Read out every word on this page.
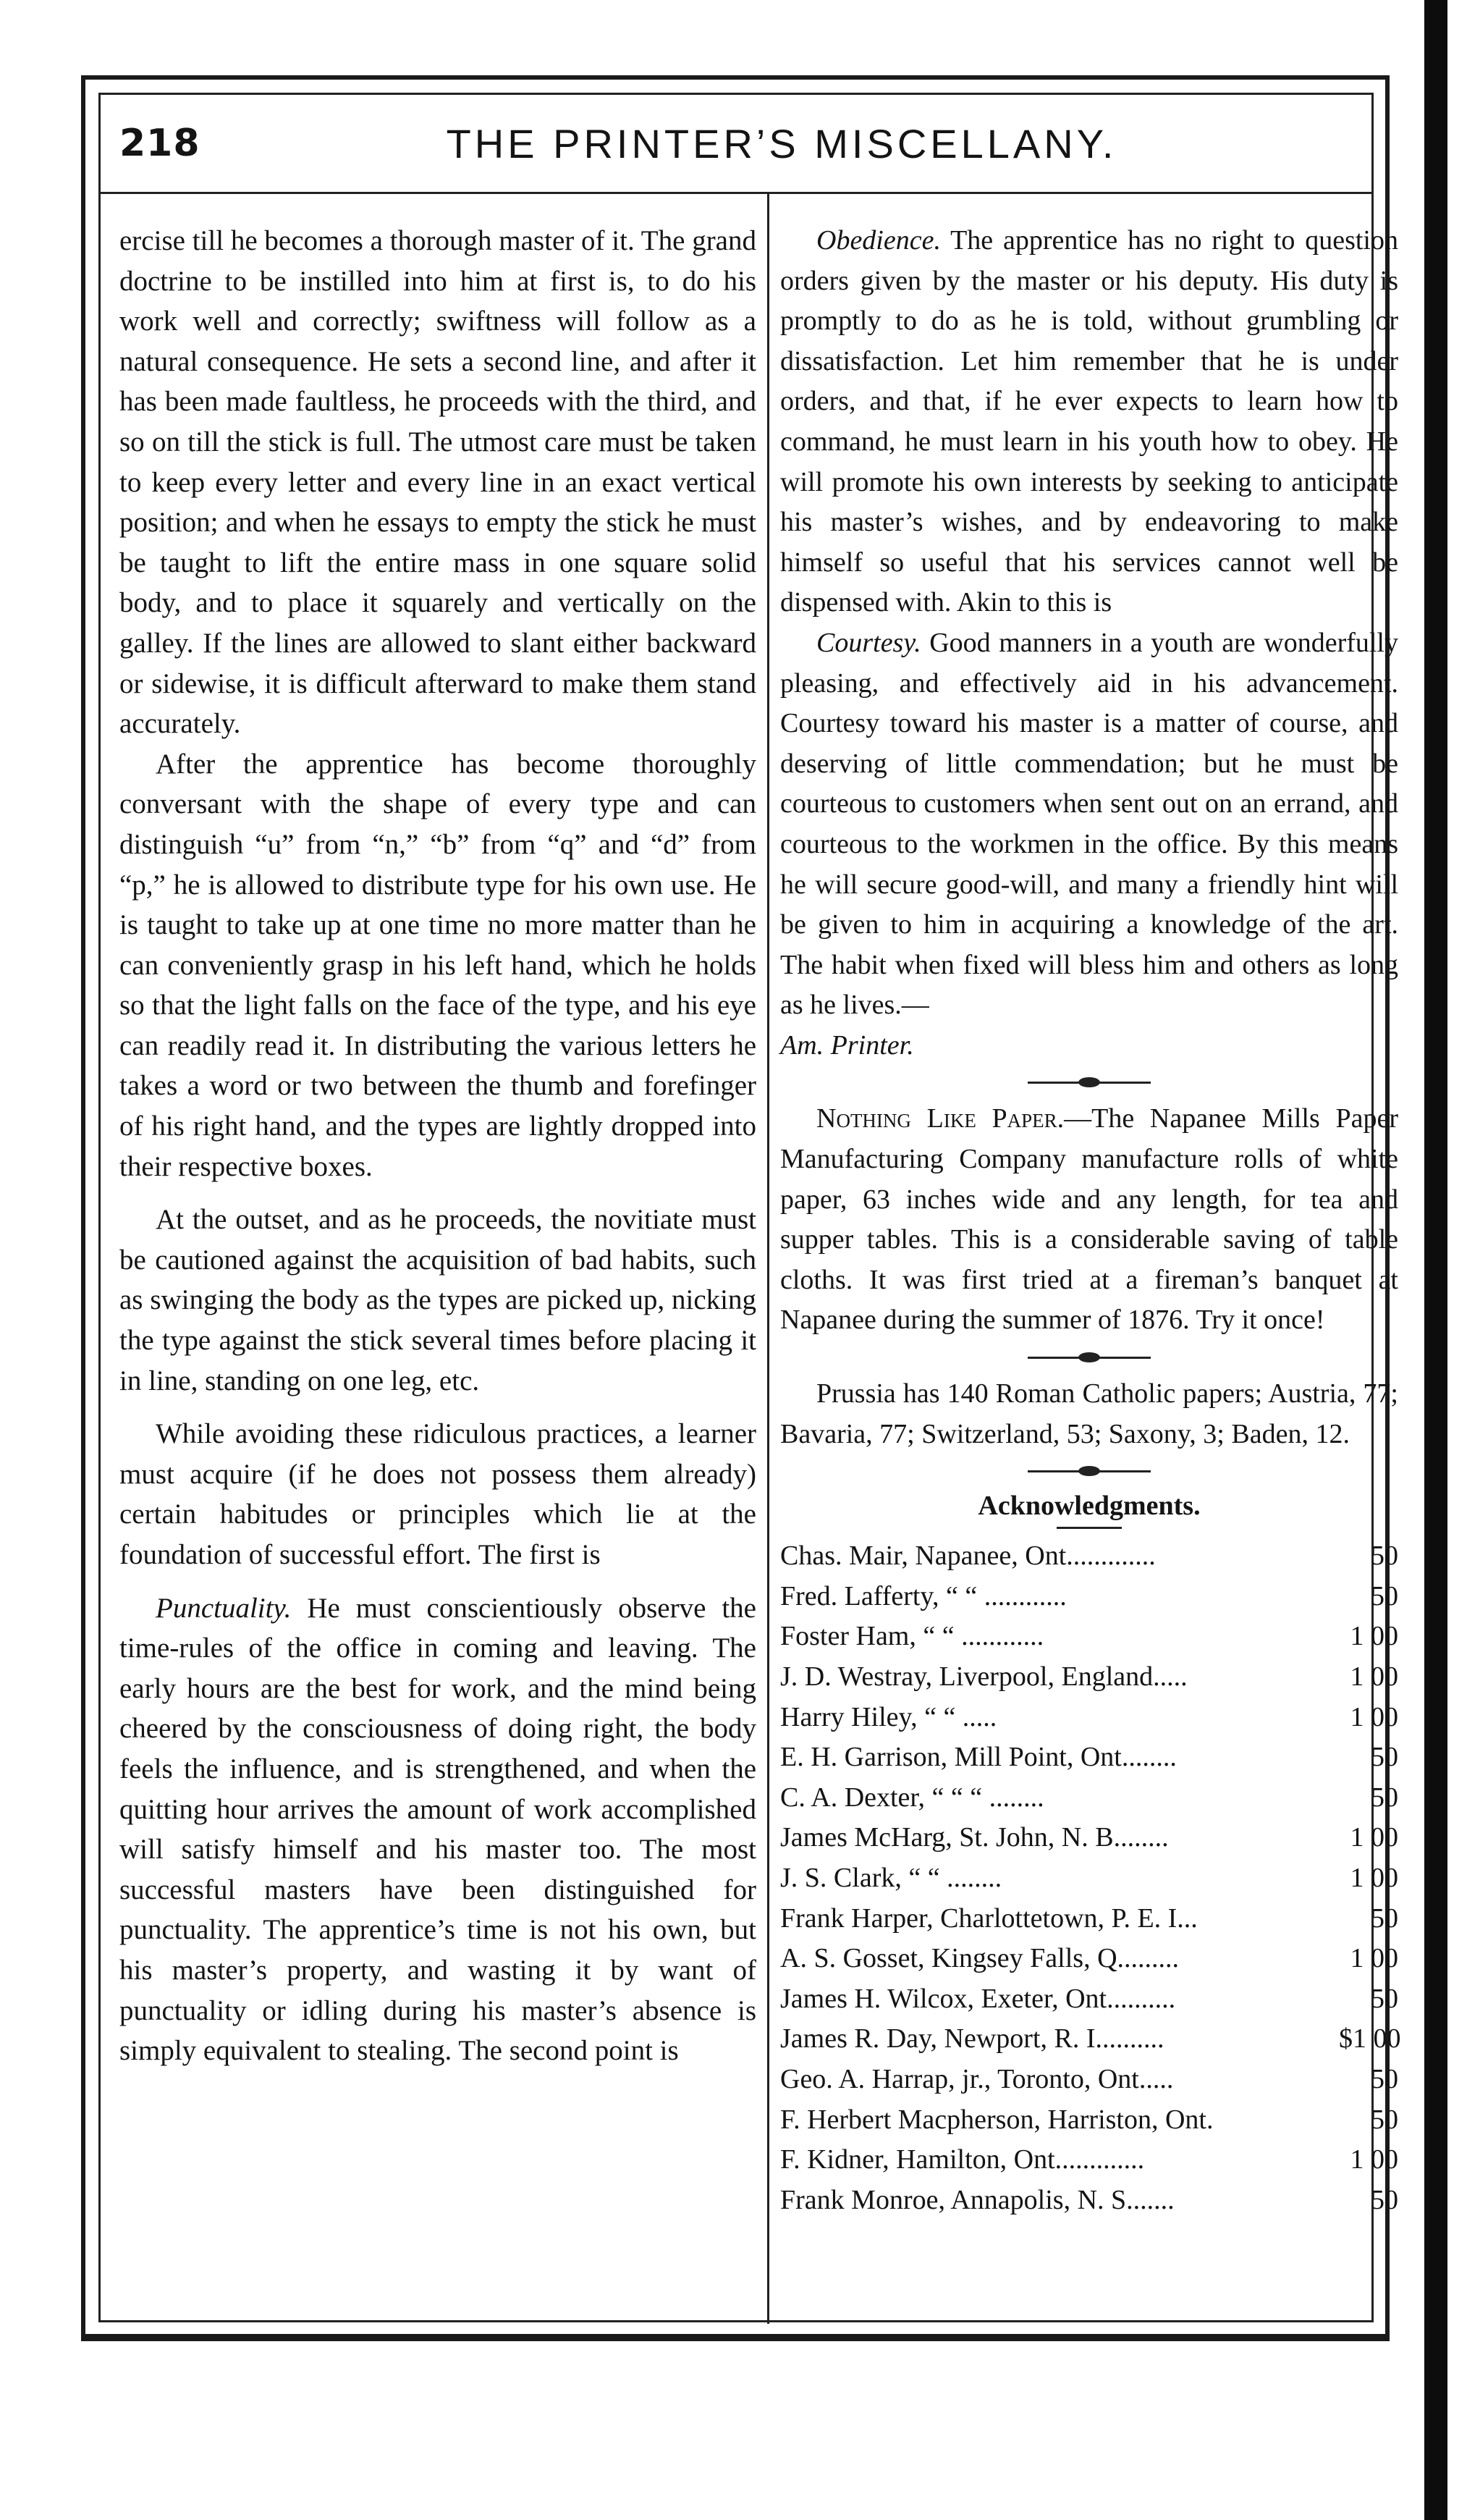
218	THE PRINTER’S MISCELLANY.

ercise till he becomes a thorough master of it. The grand doctrine to be instilled into him at first is, to do his work well and correctly; swiftness will follow as a natural consequence. He sets a second line, and after it has been made faultless, he proceeds with the third, and so on till the stick is full. The utmost care must be taken to keep every letter and every line in an exact vertical position; and when he essays to empty the stick he must be taught to lift the entire mass in one square solid body, and to place it squarely and vertically on the galley. If the lines are allowed to slant either backward or sidewise, it is difficult afterward to make them stand accurately.

After the apprentice has become thoroughly conversant with the shape of every type and can distinguish “u” from “n,” “b” from “q” and “d” from “p,” he is allowed to distribute type for his own use. He is taught to take up at one time no more matter than he can conveniently grasp in his left hand, which he holds so that the light falls on the face of the type, and his eye can readily read it. In distributing the various letters he takes a word or two between the thumb and forefinger of his right hand, and the types are lightly dropped into their respective boxes.

At the outset, and as he proceeds, the novitiate must be cautioned against the acquisition of bad habits, such as swinging the body as the types are picked up, nicking the type against the stick several times before placing it in line, standing on one leg, etc.

While avoiding these ridiculous practices, a learner must acquire (if he does not possess them already) certain habitudes or principles which lie at the foundation of successful effort. The first is

Punctuality. He must conscientiously observe the time-rules of the office in coming and leaving. The early hours are the best for work, and the mind being cheered by the consciousness of doing right, the body feels the influence, and is strengthened, and when the quitting hour arrives the amount of work accomplished will satisfy himself and his master too. The most successful masters have been distinguished for punctuality. The apprentice’s time is not his own, but his master’s property, and wasting it by want of punctuality or idling during his master’s absence is simply equivalent to stealing. The second point is

Obedience. The apprentice has no right to question orders given by the master or his deputy. His duty is promptly to do as he is told, without grumbling or dissatisfaction. Let him remember that he is under orders, and that, if he ever expects to learn how to command, he must learn in his youth how to obey. He will promote his own interests by seeking to anticipate his master’s wishes, and by endeavoring to make himself so useful that his services cannot well be dispensed with. Akin to this is

Courtesy. Good manners in a youth are wonderfully pleasing, and effectively aid in his advancement. Courtesy toward his master is a matter of course, and deserving of little commendation; but he must be courteous to customers when sent out on an errand, and courteous to the workmen in the office. By this means he will secure good-will, and many a friendly hint will be given to him in acquiring a knowledge of the art. The habit when fixed will bless him and others as long as he lives.—
Am. Printer.

Nothing Like Paper.—The Napanee Mills Paper Manufacturing Company manufacture rolls of white paper, 63 inches wide and any length, for tea and supper tables. This is a considerable saving of table cloths. It was first tried at a fireman’s banquet at Napanee during the summer of 1876. Try it once!

Prussia has 140 Roman Catholic papers; Austria, 77; Bavaria, 77; Switzerland, 53; Saxony, 3; Baden, 12.

Acknowledgments.

Chas. Mair, Napanee, Ont.............	50
Fred. Lafferty, “ “ ............	50
Foster Ham, “ “ ............	1 00
J. D. Westray, Liverpool, England.....	1 00
Harry Hiley, “ “ .....	1 00
E. H. Garrison, Mill Point, Ont........	50
C. A. Dexter, “ “ “ ........	50
James McHarg, St. John, N. B........	1 00
J. S. Clark, “ “ ........	1 00
Frank Harper, Charlottetown, P. E. I...	50
A. S. Gosset, Kingsey Falls, Q.........	1 00
James H. Wilcox, Exeter, Ont..........	50
James R. Day, Newport, R. I..........	$1 00
Geo. A. Harrap, jr., Toronto, Ont.....	50
F. Herbert Macpherson, Harriston, Ont.	50
F. Kidner, Hamilton, Ont.............	1 00
Frank Monroe, Annapolis, N. S.......	50
